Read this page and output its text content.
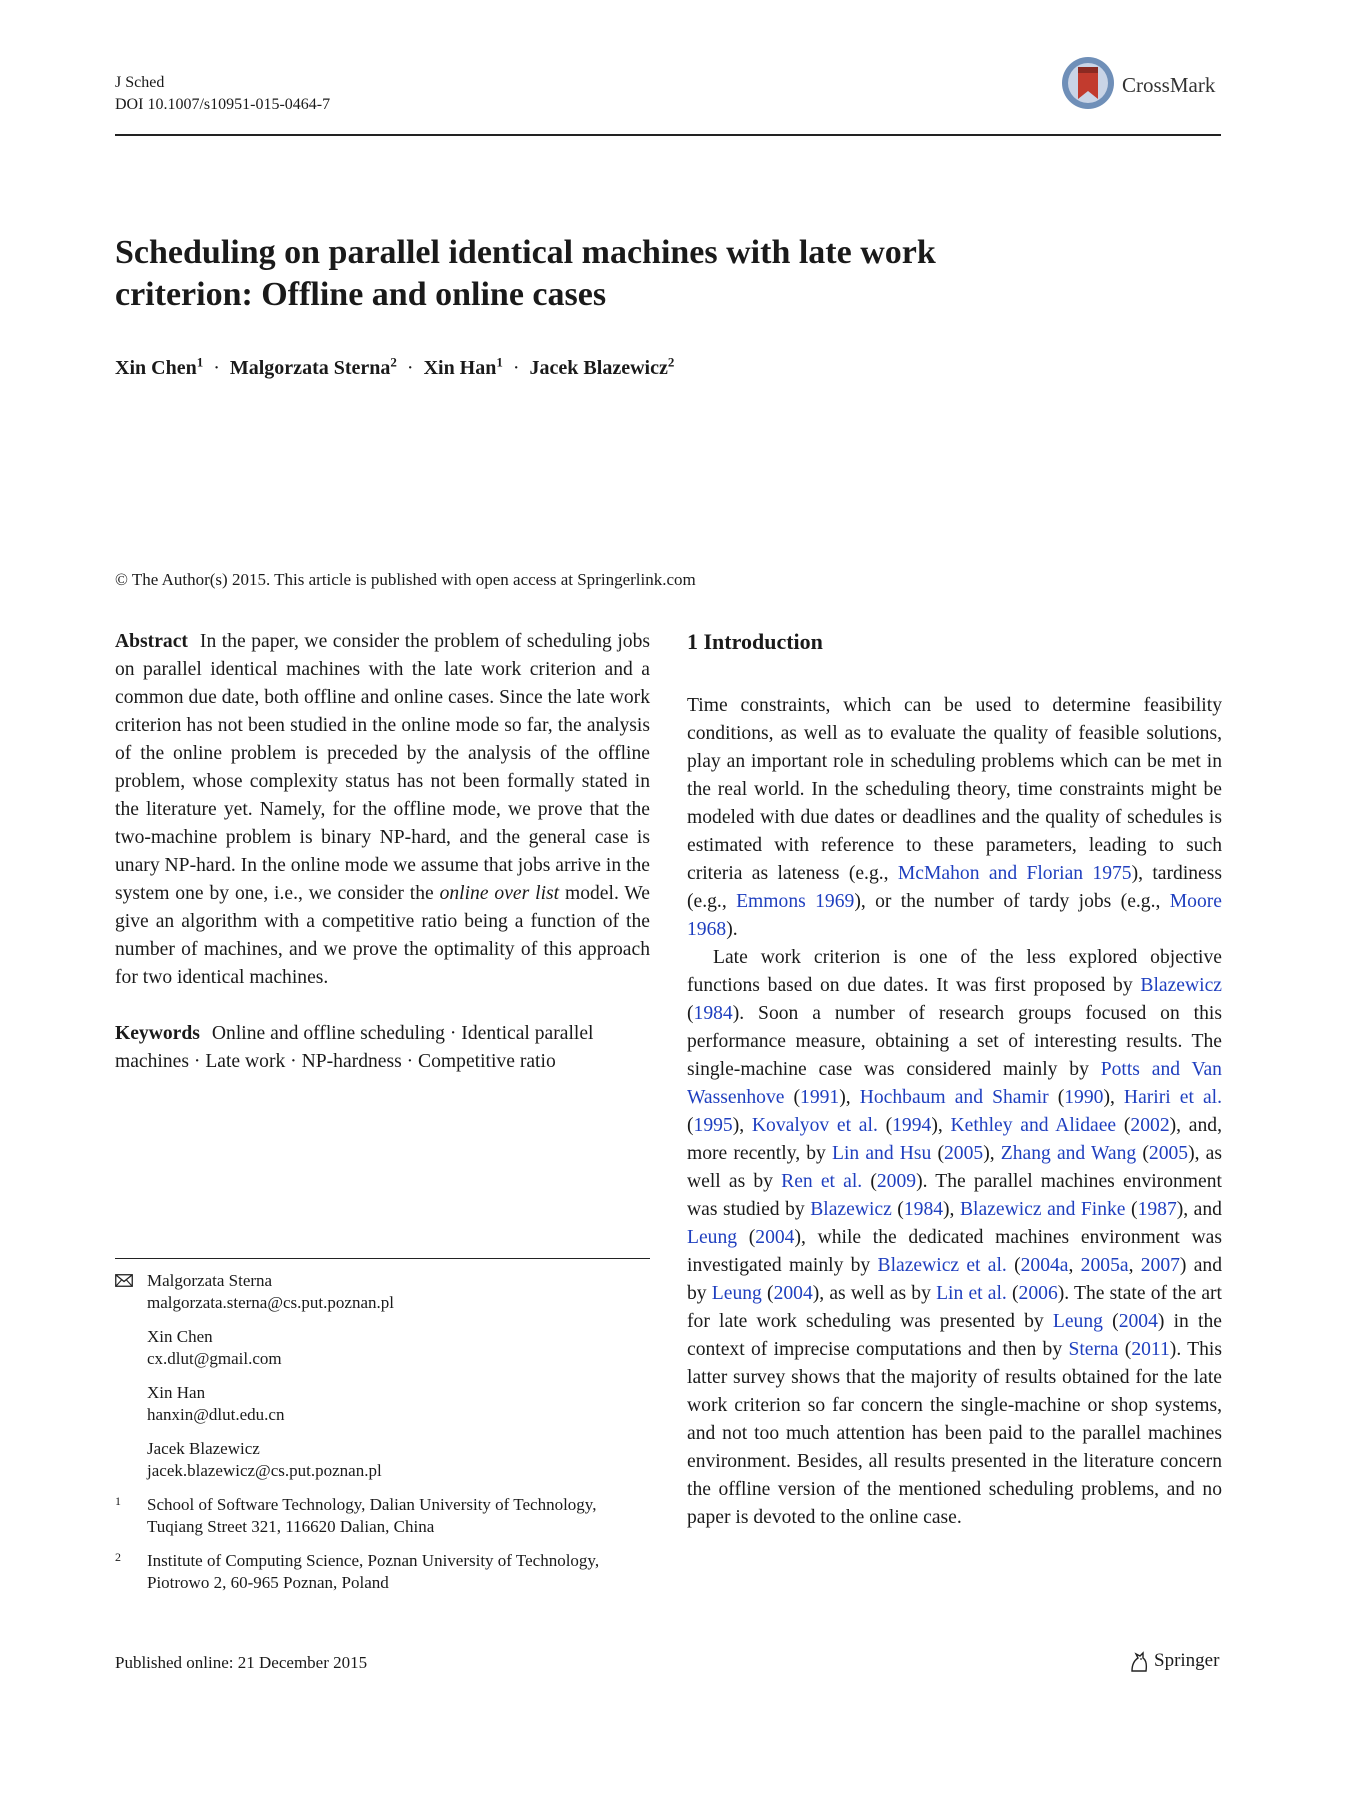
J Sched
DOI 10.1007/s10951-015-0464-7
CrossMark
Scheduling on parallel identical machines with late work criterion: Offline and online cases
Xin Chen$^1$ · Malgorzata Sterna$^2$ · Xin Han$^1$ · Jacek Blazewicz$^2$
© The Author(s) 2015. This article is published with open access at Springerlink.com

Abstract In the paper, we consider the problem of scheduling jobs on parallel identical machines with the late work criterion and a common due date, both offline and online cases. Since the late work criterion has not been studied in the online mode so far, the analysis of the online problem is preceded by the analysis of the offline problem, whose complexity status has not been formally stated in the literature yet. Namely, for the offline mode, we prove that the two-machine problem is binary NP-hard, and the general case is unary NP-hard. In the online mode we assume that jobs arrive in the system one by one, i.e., we consider the online over list model. We give an algorithm with a competitive ratio being a function of the number of machines, and we prove the optimality of this approach for two identical machines.

Keywords Online and offline scheduling · Identical parallel machines · Late work · NP-hardness · Competitive ratio

Malgorzata Sterna
malgorzata.sterna@cs.put.poznan.pl
Xin Chen
cx.dlut@gmail.com
Xin Han
hanxin@dlut.edu.cn
Jacek Blazewicz
jacek.blazewicz@cs.put.poznan.pl
1 School of Software Technology, Dalian University of Technology, Tuqiang Street 321, 116620 Dalian, China
2 Institute of Computing Science, Poznan University of Technology, Piotrowo 2, 60-965 Poznan, Poland
1 Introduction

Time constraints, which can be used to determine feasibility conditions, as well as to evaluate the quality of feasible solutions, play an important role in scheduling problems which can be met in the real world. In the scheduling theory, time constraints might be modeled with due dates or deadlines and the quality of schedules is estimated with reference to these parameters, leading to such criteria as lateness (e.g., McMahon and Florian 1975), tardiness (e.g., Emmons 1969), or the number of tardy jobs (e.g., Moore 1968).

Late work criterion is one of the less explored objective functions based on due dates. It was first proposed by Blazewicz (1984). Soon a number of research groups focused on this performance measure, obtaining a set of interesting results. The single-machine case was considered mainly by Potts and Van Wassenhove (1991), Hochbaum and Shamir (1990), Hariri et al. (1995), Kovalyov et al. (1994), Kethley and Alidaee (2002), and, more recently, by Lin and Hsu (2005), Zhang and Wang (2005), as well as by Ren et al. (2009). The parallel machines environment was studied by Blazewicz (1984), Blazewicz and Finke (1987), and Leung (2004), while the dedicated machines environment was investigated mainly by Blazewicz et al. (2004a, 2005a, 2007) and by Leung (2004), as well as by Lin et al. (2006). The state of the art for late work scheduling was presented by Leung (2004) in the context of imprecise computations and then by Sterna (2011). This latter survey shows that the majority of results obtained for the late work criterion so far concern the single-machine or shop systems, and not too much attention has been paid to the parallel machines environment. Besides, all results presented in the literature concern the offline version of the mentioned scheduling problems, and no paper is devoted to the online case.

Published online: 21 December 2015	Springer
